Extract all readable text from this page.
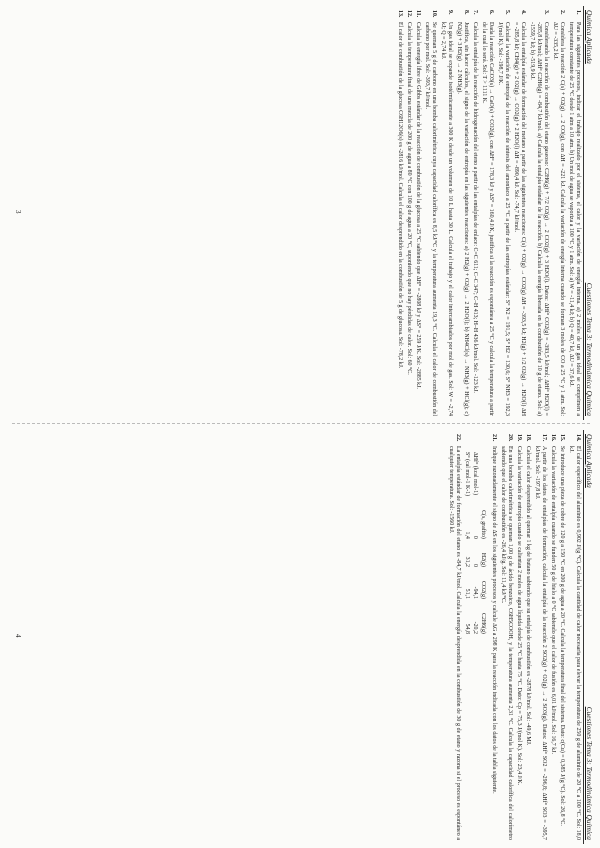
Química Aplicada
Cuestiones Tema 3: Termodinámica Química
1.
Para las siguientes procesos, indicar el trabajo realizado por el sistema, el calor y la variación de energía interna. a) 2 moles de un gas ideal se comprimen a temperatura constante de 25 °C desde 1 atm a 10 atm. b) Un mol de agua se vaporiza a 100 °C y 1 atm. Sol: a) W = -11,4 kJ; b) Q = 40,7 kJ, ΔU = 37,6 kJ.
2.
Considera la reacción 2 C(s) + O2(g) → 2 CO(g), con ΔH = -221 kJ. Calcula la variación de energía interna cuando se forman 3 moles de CO a 25 °C y 1 atm. Sol: ΔU = -335,2 kJ.
3.
Considerando la reacción de combustión del etano gaseoso: C2H6(g) + 7/2 O2(g) → 2 CO2(g) + 3 H2O(l). Datos: ΔHf° CO2(g) = -393,5 kJ/mol; ΔHf° H2O(l) = -285,8 kJ/mol; ΔHf° C2H6(g) = -84,7 kJ/mol. a) Calcula la entalpía estándar de la reacción. b) Calcula la energía liberada en la combustión de 10 g de etano. Sol: a) -1559,7 kJ; b) -519,9 kJ.
4.
Calcula la entalpía estándar de formación del metano a partir de las siguientes reacciones: C(s) + O2(g) → CO2(g) ΔH = -393,5 kJ; H2(g) + 1/2 O2(g) → H2O(l) ΔH = -285,8 kJ; CH4(g) + 2 O2(g) → CO2(g) + 2 H2O(l) ΔH = -890,4 kJ. Sol: -74,7 kJ/mol.
5.
Calcular la variación de entropía de la reacción de síntesis del amoniaco a 25 °C a partir de las entropías estándar: S° N2 = 191,5; S° H2 = 130,6; S° NH3 = 192,3 J/(mol K). Sol: -198,7 J/K.
6.
Dada la reacción CaCO3(s) → CaO(s) + CO2(g), con ΔH° = 178,3 kJ y ΔS° = 160,4 J/K, justifica si la reacción es espontánea a 25 °C y calcula la temperatura a partir de la cual lo será. Sol: T > 1111 K.
7.
Calcula la entalpía de la reacción de hidrogenación del eteno a partir de las entalpías de enlace: C=C 611; C–C 347; C–H 413; H–H 436 kJ/mol. Sol: -123 kJ.
8.
Justifica, sin hacer cálculos, el signo de la variación de entropía en las siguientes reacciones: a) 2 H2(g) + O2(g) → 2 H2O(l); b) NH4Cl(s) → NH3(g) + HCl(g); c) N2(g) + 3 H2(g) → 2 NH3(g).
9.
Un gas ideal se expande isotérmicamente a 300 K desde un volumen de 10 L hasta 30 L. Calcula el trabajo y el calor intercambiados por mol de gas. Sol: W = -2,74 kJ; Q = 2,74 kJ.
10.
Se queman 5 g de carbono en una bomba calorimétrica cuya capacidad calorífica es 8,5 kJ/°C y la temperatura aumenta 19,3 °C. Calcula el calor de combustión del carbono por mol. Sol: -393,7 kJ/mol.
11.
Calcula la energía libre de Gibbs estándar de la reacción de combustión de la glucosa a 25 °C sabiendo que ΔH° = -2808 kJ y ΔS° = 259 J/K. Sol: -2885 kJ.
12.
Calcula la temperatura final de una mezcla de 200 g de agua a 80 °C con 100 g de agua a 20 °C, suponiendo que no hay pérdidas de calor. Sol: 60 °C.
13.
El calor de combustión de la glucosa C6H12O6(s) es -2816 kJ/mol. Calcula el calor desprendido en la combustión de 5 g de glucosa. Sol: -78,2 kJ.
3
Química Aplicada
Cuestiones Tema 3: Termodinámica Química
14.
El calor específico del aluminio es 0,902 J/(g °C). Calcula la cantidad de calor necesaria para elevar la temperatura de 250 g de aluminio de 20 °C a 100 °C. Sol: 18,0 kJ.
15.
Se introduce una pieza de cobre de 120 g a 150 °C en 200 g de agua a 20 °C. Calcula la temperatura final del sistema. Dato: c(Cu) = 0,385 J/(g °C). Sol: 26,8 °C.
16.
Calcula la variación de entalpía cuando se funden 50 g de hielo a 0 °C sabiendo que el calor de fusión es 6,01 kJ/mol. Sol: 16,7 kJ.
17.
A partir de los datos de entalpías de formación, calcula la entalpía de la reacción 2 SO2(g) + O2(g) → 2 SO3(g). Datos: ΔHf° SO2 = -296,8; ΔHf° SO3 = -395,7 kJ/mol. Sol: -197,8 kJ.
18.
Calcula el calor desprendido al quemar 1 kg de butano sabiendo que su entalpía de combustión es -2878 kJ/mol. Sol: -49,6 MJ.
19.
Calcula la variación de entropía cuando se calientan 2 moles de agua líquida desde 25 °C hasta 75 °C. Dato: Cp = 75,3 J/(mol K). Sol: 23,4 J/K.
20.
En una bomba calorimétrica se queman 1,00 g de ácido benzoico, C6H5COOH, y la temperatura aumenta 2,31 °C. Calcula la capacidad calorífica del calorímetro sabiendo que el calor de combustión es -26,4 kJ/g. Sol: 11,4 kJ/°C.
21.
Indique razonadamente el signo de ΔS en los siguientes procesos y calcule ΔG a 298 K para la reacción indicada con los datos de la tabla siguiente.
	C(s, grafito)	H2(g)	CO2(g)	C2H6(g)
ΔHf° (kcal mol-1)	0	0	-94,1	-20,2
S° (cal mol-1 K-1)	1,4	31,2	51,1	54,8
22.
La entalpía estándar de formación del etano es -84,7 kJ/mol. Calcula la energía desprendida en la combustión de 30 g de etano y razona si el proceso es espontáneo a cualquier temperatura. Sol: -1560 kJ.
4
